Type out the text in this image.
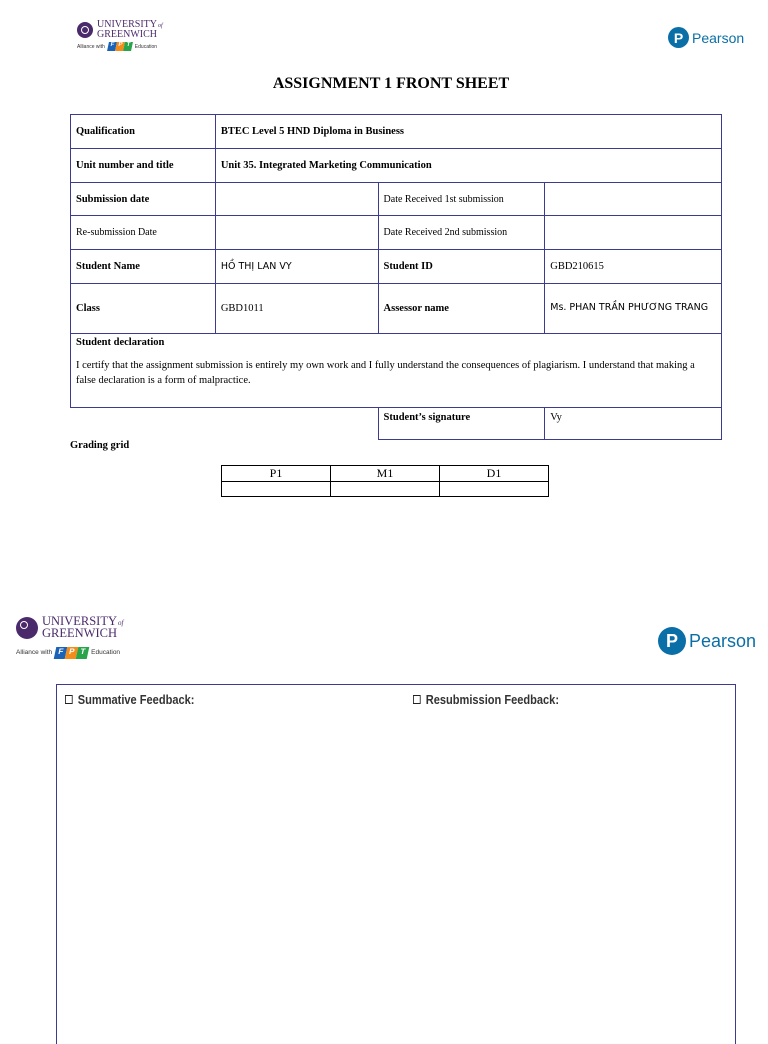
UNIVERSITY of
GREENWICH
Alliance with F P T Education
P Pearson
ASSIGNMENT 1 FRONT SHEET
Qualification	BTEC Level 5 HND Diploma in Business		
Unit number and title	Unit 35. Integrated Marketing Communication		
Submission date		Date Received 1st submission	
Re-submission Date		Date Received 2nd submission	
Student Name	HỒ THỊ LAN VY	Student ID	GBD210615
Class	GBD1011	Assessor name	Ms. PHAN TRẦN PHƯƠNG TRANG

Student declaration
I certify that the assignment submission is entirely my own work and I fully understand the consequences of plagiarism. I understand that making a false declaration is a form of malpractice.			

		Student’s signature	Vy
Grading grid
P1	M1	D1

UNIVERSITY of
GREENWICH
Alliance with F P T Education
P Pearson
Summative Feedback:	Resubmission Feedback:
